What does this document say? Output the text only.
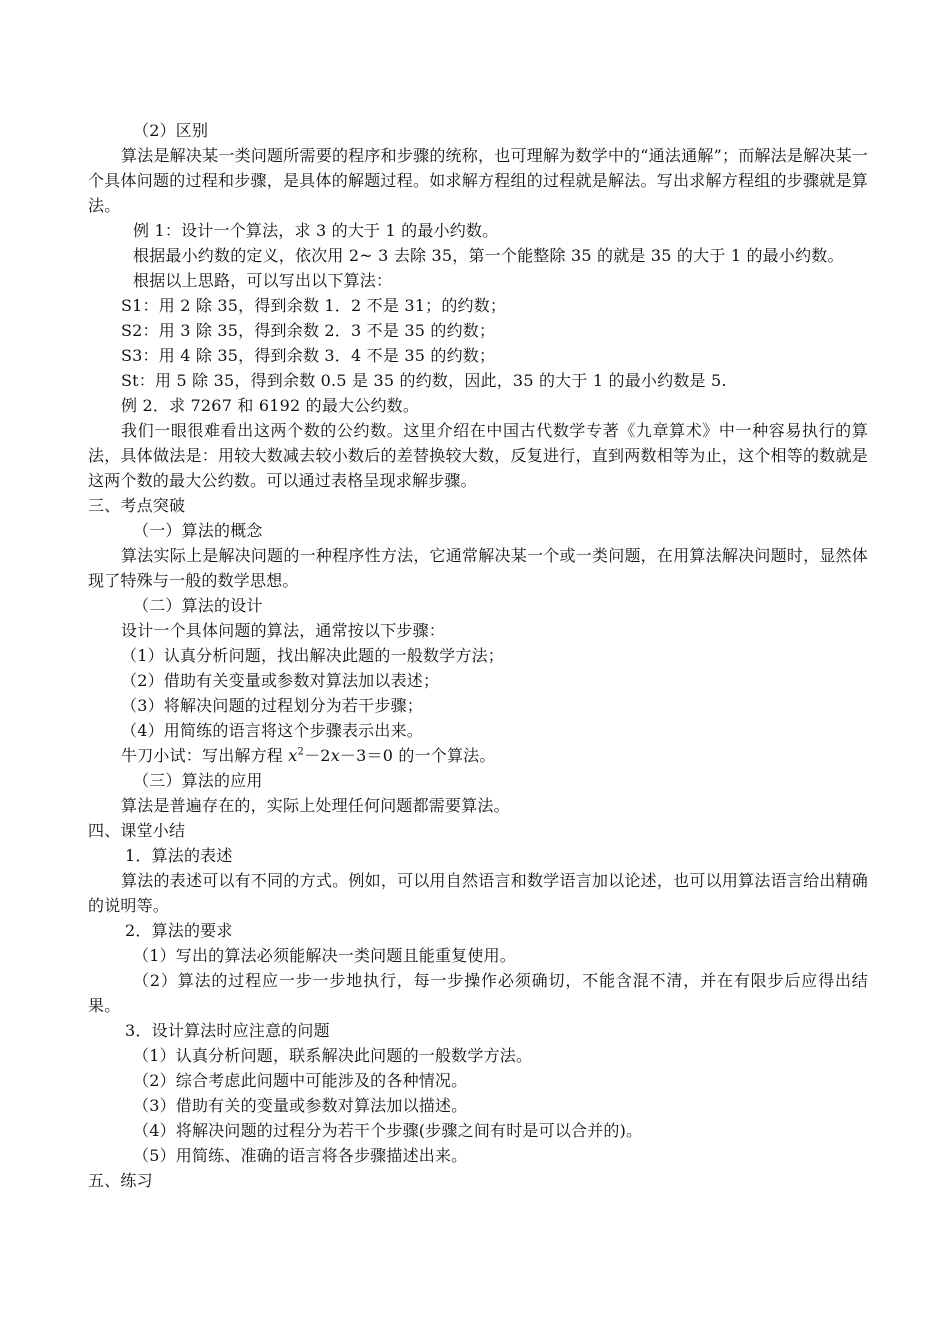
（2）区别

算法是解决某一类问题所需要的程序和步骤的统称，也可理解为数学中的“通法通解”；而解法是解决某一个具体问题的过程和步骤，是具体的解题过程。如求解方程组的过程就是解法。写出求解方程组的步骤就是算法。

例 1：设计一个算法，求 3 的大于 1 的最小约数。

根据最小约数的定义，依次用 2~ 3 去除 35，第一个能整除 35 的就是 35 的大于 1 的最小约数。

根据以上思路，可以写出以下算法：

S1：用 2 除 35，得到余数 1．2 不是 31；的约数；

S2：用 3 除 35，得到余数 2．3 不是 35 的约数；

S3：用 4 除 35，得到余数 3．4 不是 35 的约数；

St：用 5 除 35，得到余数 0.5 是 35 的约数，因此，35 的大于 1 的最小约数是 5.

例 2．求 7267 和 6192 的最大公约数。

我们一眼很难看出这两个数的公约数。这里介绍在中国古代数学专著《九章算术》中一种容易执行的算法，具体做法是：用较大数减去较小数后的差替换较大数，反复进行，直到两数相等为止，这个相等的数就是这两个数的最大公约数。可以通过表格呈现求解步骤。

三、考点突破

（一）算法的概念

算法实际上是解决问题的一种程序性方法，它通常解决某一个或一类问题，在用算法解决问题时，显然体现了特殊与一般的数学思想。

（二）算法的设计

设计一个具体问题的算法，通常按以下步骤：

（1）认真分析问题，找出解决此题的一般数学方法；

（2）借助有关变量或参数对算法加以表述；

（3）将解决问题的过程划分为若干步骤；

（4）用简练的语言将这个步骤表示出来。

牛刀小试：写出解方程 $x^2-2x-3=0$ 的一个算法。

（三）算法的应用

算法是普遍存在的，实际上处理任何问题都需要算法。

四、课堂小结

1．算法的表述

算法的表述可以有不同的方式。例如，可以用自然语言和数学语言加以论述，也可以用算法语言给出精确的说明等。

2．算法的要求

（1）写出的算法必须能解决一类问题且能重复使用。

（2）算法的过程应一步一步地执行，每一步操作必须确切，不能含混不清，并在有限步后应得出结果。

3．设计算法时应注意的问题

（1）认真分析问题，联系解决此问题的一般数学方法。

（2）综合考虑此问题中可能涉及的各种情况。

（3）借助有关的变量或参数对算法加以描述。

（4）将解决问题的过程分为若干个步骤(步骤之间有时是可以合并的)。

（5）用简练、准确的语言将各步骤描述出来。

五、练习
